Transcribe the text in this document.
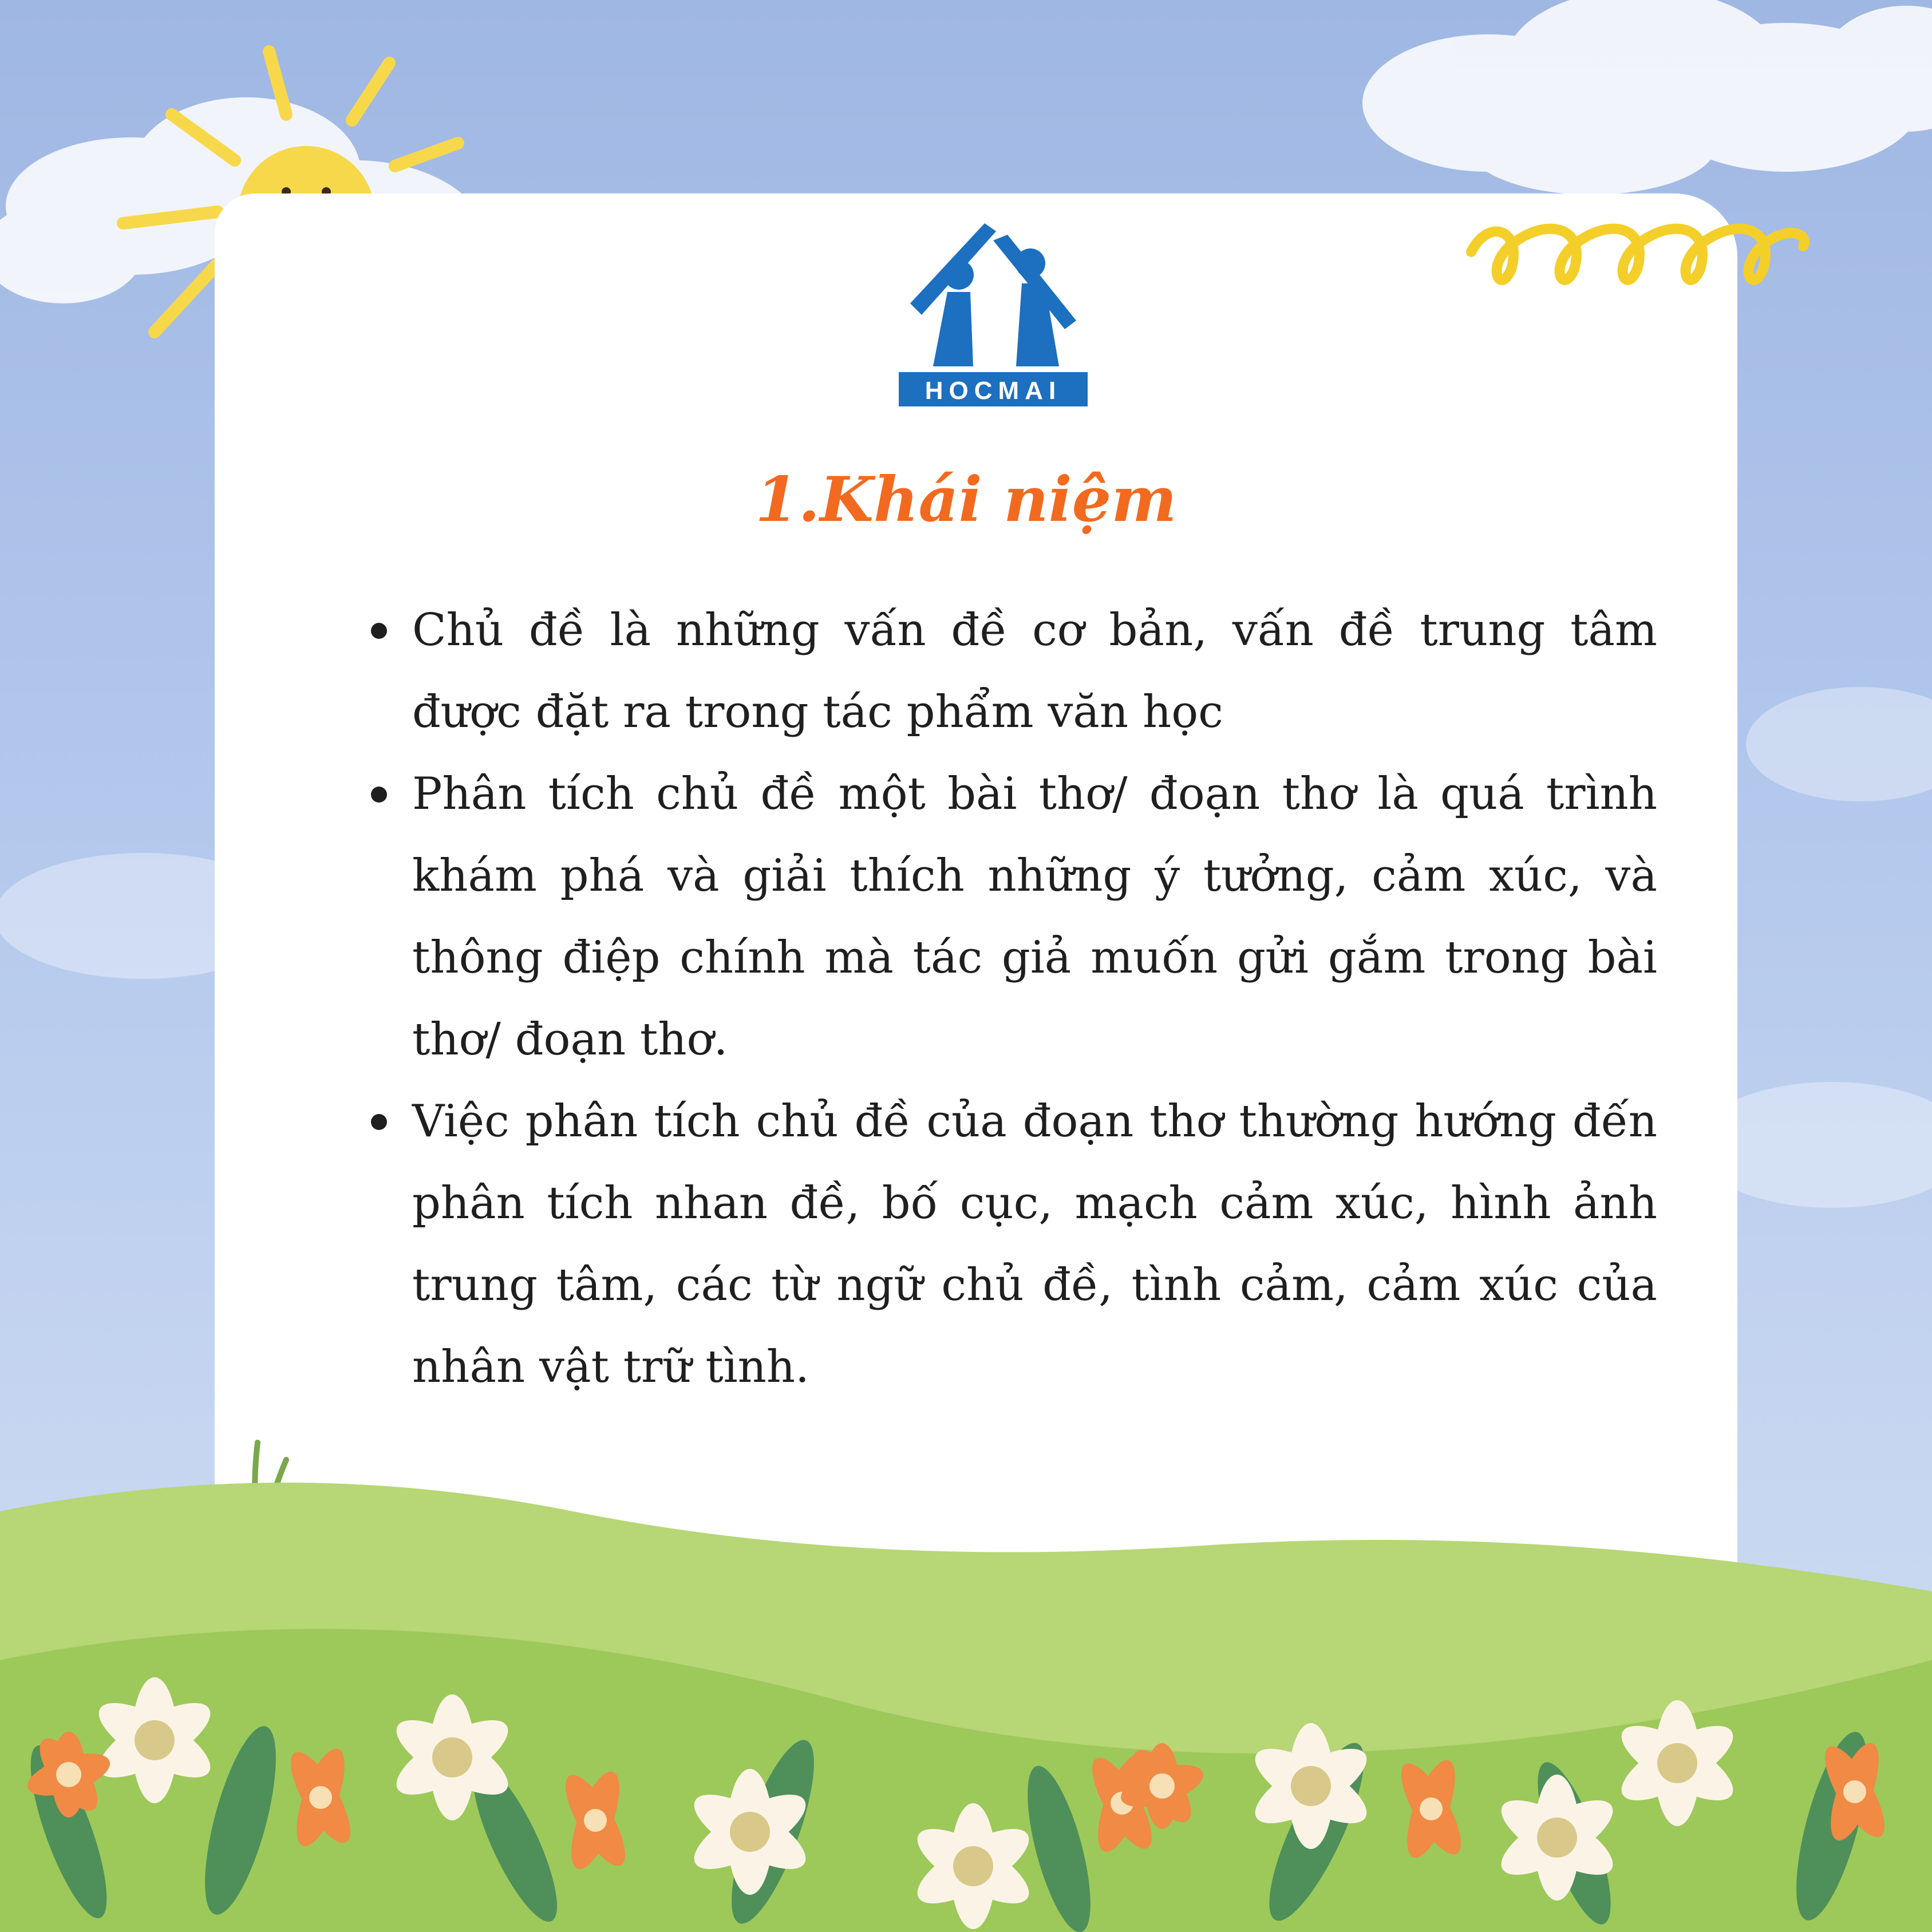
HOCMAI
1.Khái niệm
Chủ đề là những vấn đề cơ bản, vấn đề trung tâm được đặt ra trong tác phẩm văn học
Phân tích chủ đề một bài thơ/ đoạn thơ là quá trình khám phá và giải thích những ý tưởng, cảm xúc, và thông điệp chính mà tác giả muốn gửi gắm trong bài thơ/ đoạn thơ.
Việc phân tích chủ đề của đoạn thơ thường hướng đến phân tích nhan đề, bố cục, mạch cảm xúc, hình ảnh trung tâm, các từ ngữ chủ đề, tình cảm, cảm xúc của nhân vật trữ tình.
